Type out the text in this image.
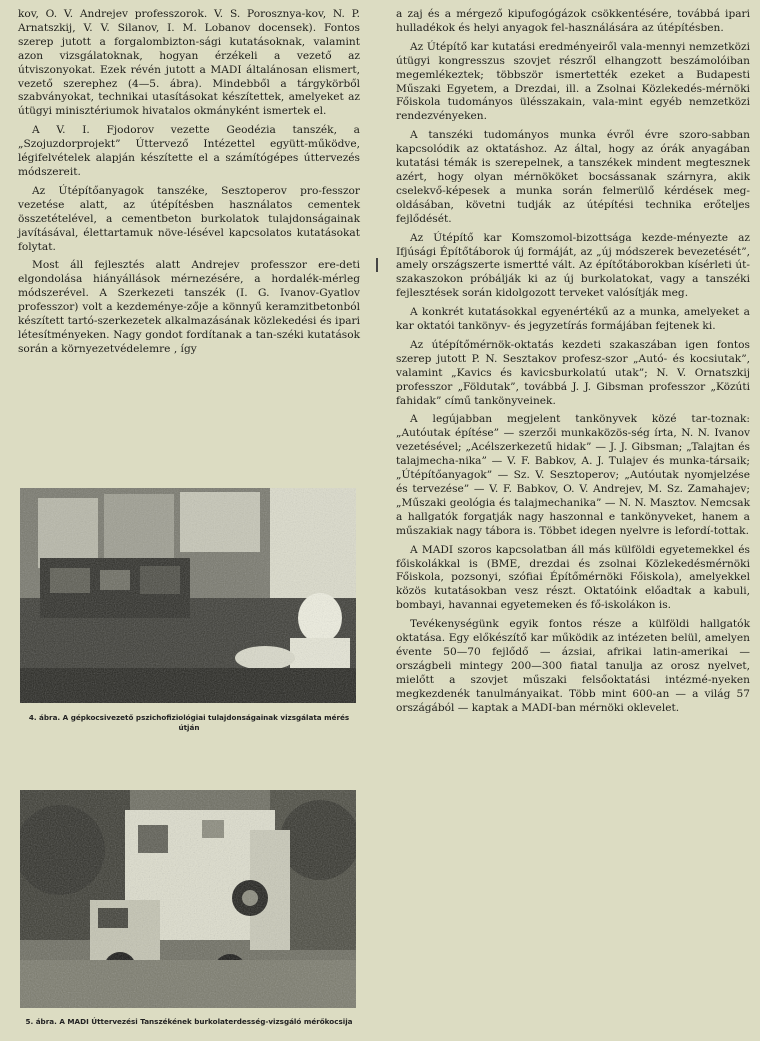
kov, O. V. Andrejev professzorok. V. S. Porosznya-kov, N. P. Arnatszkij, V. V. Silanov, I. M. Lobanov docensek). Fontos szerep jutott a forgalombizton-sági kutatásoknak, valamint azon vizsgálatoknak, hogyan érzékeli a vezető az útviszonyokat. Ezek révén jutott a MADI általánosan elismert, vezető szerephez (4—5. ábra). Mindebből a tárgykörből szabványokat, technikai utasításokat készítettek, amelyeket az útügyi minisztériumok hivatalos okmányként ismertek el.

A V. I. Fjodorov vezette Geodézia tanszék, a „Szojuzdorprojekt” Úttervező Intézettel együtt-működve, légifelvételek alapján készítette el a számítógépes úttervezés módszereit.

Az Útépítőanyagok tanszéke, Sesztoperov pro-fesszor vezetése alatt, az útépítésben használatos cementek összetételével, a cementbeton burkolatok tulajdonságainak javításával, élettartamuk növe-lésével kapcsolatos kutatásokat folytat.

Most áll fejlesztés alatt Andrejev professzor ere-deti elgondolása hiányállások mérnezésére, a hordalék-mérleg módszerével. A Szerkezeti tanszék (I. G. Ivanov-Gyatlov professzor) volt a kezdeménye-zője a könnyű keramzitbetonból készített tartó-szerkezetek alkalmazásának közlekedési és ipari létesítményeken. Nagy gondot fordítanak a tan-széki kutatások során a környezetvédelemre , így

4. ábra. A gépkocsivezető pszichofiziológiai tulajdonságainak vizsgálata mérés útján
5. ábra. A MADI Úttervezési Tanszékének burkolaterdesség-vizsgáló mérőkocsija

a zaj és a mérgező kipufogógázok csökkentésére, továbbá ipari hulladékok és helyi anyagok fel-használására az útépítésben.

Az Útépítő kar kutatási eredményeiről vala-mennyi nemzetközi útügyi kongresszus szovjet részről elhangzott beszámolóiban megemlékeztek; többször ismertették ezeket a Budapesti Műszaki Egyetem, a Drezdai, ill. a Zsolnai Közlekedés-mérnöki Főiskola tudományos ülésszakain, vala-mint egyéb nemzetközi rendezvényeken.

A tanszéki tudományos munka évről évre szoro-sabban kapcsolódik az oktatáshoz. Az által, hogy az órák anyagában kutatási témák is szerepelnek, a tanszékek mindent megtesznek azért, hogy olyan mérnököket bocsássanak szárnyra, akik cselekvő-képesek a munka során felmerülő kérdések meg-oldásában, követni tudják az útépítési technika erőteljes fejlődését.

Az Útépítő kar Komszomol-bizottsága kezde-ményezte az Ifjúsági Építőtáborok új formáját, az „új módszerek bevezetését”, amely országszerte ismertté vált. Az építőtáborokban kísérleti út-szakaszokon próbálják ki az új burkolatokat, vagy a tanszéki fejlesztések során kidolgozott terveket valósítják meg.

A konkrét kutatásokkal egyenértékű az a munka, amelyeket a kar oktatói tankönyv- és jegyzetírás formájában fejtenek ki.

Az útépítőmérnök-oktatás kezdeti szakaszában igen fontos szerep jutott P. N. Sesztakov profesz-szor „Autó- és kocsiutak”, valamint „Kavics és kavicsburkolatú utak”; N. V. Ornatszkij professzor „Földutak”, továbbá J. J. Gibsman professzor „Közúti fahidak” című tankönyveinek.

A legújabban megjelent tankönyvek közé tar-toznak: „Autóutak építése” — szerzői munkaközös-ség írta, N. N. Ivanov vezetésével; „Acélszerkezetű hidak” — J. J. Gibsman; „Talajtan és talajmecha-nika” — V. F. Babkov, A. J. Tulajev és munka-társaik; „Útépítőanyagok” — Sz. V. Sesztoperov; „Autóutak nyomjelzése és tervezése” — V. F. Babkov, O. V. Andrejev, M. Sz. Zamahajev; „Műszaki geológia és talajmechanika” — N. N. Masztov. Nemcsak a hallgatók forgatják nagy haszonnal e tankönyveket, hanem a műszakiak nagy tábora is. Többet idegen nyelvre is lefordí-tottak.

A MADI szoros kapcsolatban áll más külföldi egyetemekkel és főiskolákkal is (BME, drezdai és zsolnai Közlekedésmérnöki Főiskola, pozsonyi, szófiai Építőmérnöki Főiskola), amelyekkel közös kutatásokban vesz részt. Oktatóink előadtak a kabuli, bombayi, havannai egyetemeken és fő-iskolákon is.

Tevékenységünk egyik fontos része a külföldi hallgatók oktatása. Egy előkészítő kar működik az intézeten belül, amelyen évente 50—70 fejlődő — ázsiai, afrikai latin-amerikai — országbeli mintegy 200—300 fiatal tanulja az orosz nyelvet, mielőtt a szovjet műszaki felsőoktatási intézmé-nyeken megkezdenék tanulmányaikat. Több mint 600-an — a világ 57 országából — kaptak a MADI-ban mérnöki oklevelet.
